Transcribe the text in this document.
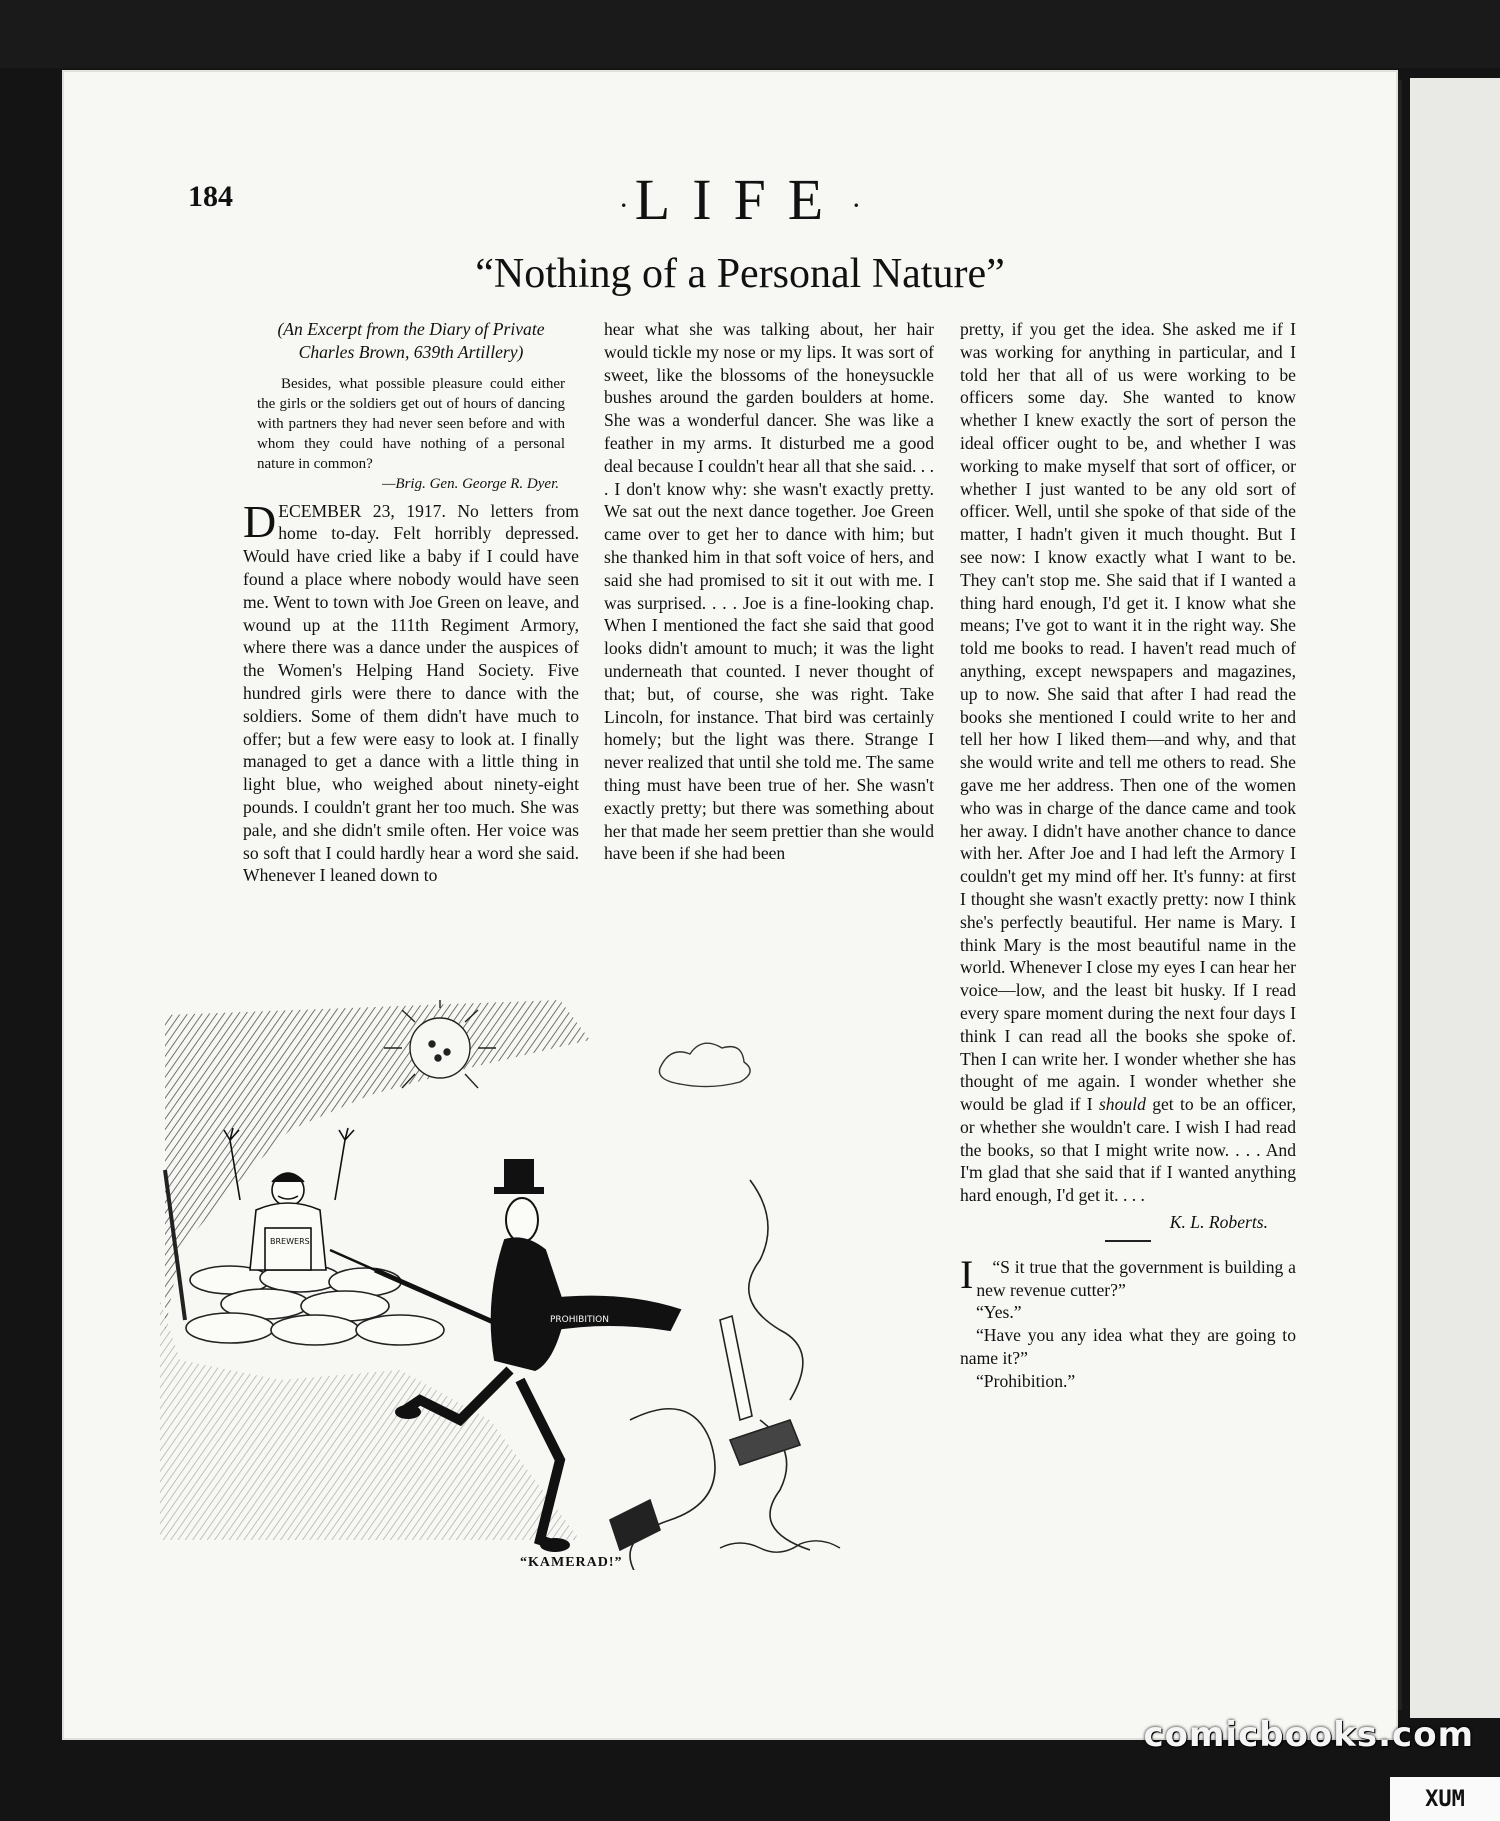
184	· LIFE ·
“Nothing of a Personal Nature”
(An Excerpt from the Diary of Private
Charles Brown, 639th Artillery)

Besides, what possible pleasure could either the girls or the soldiers get out of hours of dancing with partners they had never seen before and with whom they could have nothing of a personal nature in common?

—Brig. Gen. George R. Dyer.

DECEMBER 23, 1917. No letters from home to-day. Felt horribly depressed. Would have cried like a baby if I could have found a place where nobody would have seen me. Went to town with Joe Green on leave, and wound up at the 111th Regiment Armory, where there was a dance under the auspices of the Women's Helping Hand Society. Five hundred girls were there to dance with the soldiers. Some of them didn't have much to offer; but a few were easy to look at. I finally managed to get a dance with a little thing in light blue, who weighed about ninety-eight pounds. I couldn't grant her too much. She was pale, and she didn't smile often. Her voice was so soft that I could hardly hear a word she said. Whenever I leaned down to

hear what she was talking about, her hair would tickle my nose or my lips. It was sort of sweet, like the blossoms of the honeysuckle bushes around the garden boulders at home. She was a wonderful dancer. She was like a feather in my arms. It disturbed me a good deal because I couldn't hear all that she said. . . . I don't know why: she wasn't exactly pretty. We sat out the next dance together. Joe Green came over to get her to dance with him; but she thanked him in that soft voice of hers, and said she had promised to sit it out with me. I was surprised. . . . Joe is a fine-looking chap. When I mentioned the fact she said that good looks didn't amount to much; it was the light underneath that counted. I never thought of that; but, of course, she was right. Take Lincoln, for instance. That bird was certainly homely; but the light was there. Strange I never realized that until she told me. The same thing must have been true of her. She wasn't exactly pretty; but there was something about her that made her seem prettier than she would have been if she had been

pretty, if you get the idea. She asked me if I was working for anything in particular, and I told her that all of us were working to be officers some day. She wanted to know whether I knew exactly the sort of person the ideal officer ought to be, and whether I was working to make myself that sort of officer, or whether I just wanted to be any old sort of officer. Well, until she spoke of that side of the matter, I hadn't given it much thought. But I see now: I know exactly what I want to be. They can't stop me. She said that if I wanted a thing hard enough, I'd get it. I know what she means; I've got to want it in the right way. She told me books to read. I haven't read much of anything, except newspapers and magazines, up to now. She said that after I had read the books she mentioned I could write to her and tell her how I liked them—and why, and that she would write and tell me others to read. She gave me her address. Then one of the women who was in charge of the dance came and took her away. I didn't have another chance to dance with her. After Joe and I had left the Armory I couldn't get my mind off her. It's funny: at first I thought she wasn't exactly pretty: now I think she's perfectly beautiful. Her name is Mary. I think Mary is the most beautiful name in the world. Whenever I close my eyes I can hear her voice—low, and the least bit husky. If I read every spare moment during the next four days I think I can read all the books she spoke of. Then I can write her. I wonder whether she has thought of me again. I wonder whether she would be glad if I should get to be an officer, or whether she wouldn't care. I wish I had read the books, so that I might write now. . . . And I'm glad that she said that if I wanted anything hard enough, I'd get it. . . .

K. L. Roberts.

“
I S it true that the government is building a new revenue cutter?”

“Yes.”

“Have you any idea what they are going to name it?”

“Prohibition.”

BREWERS
PROHIBITION
“KAMERAD!”
comicbooks.com
XUM
